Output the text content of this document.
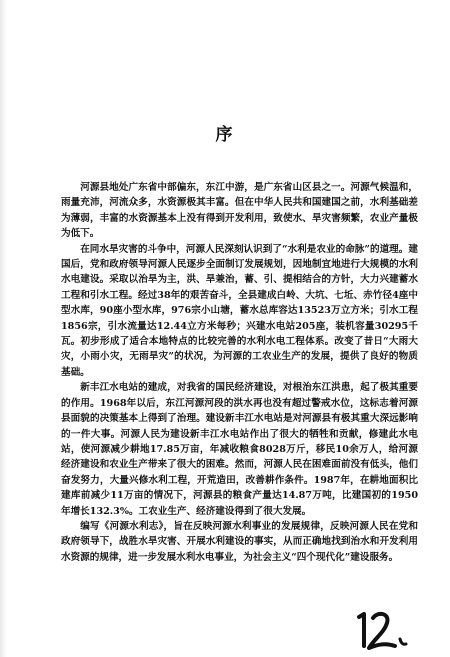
序

河源县地处广东省中部偏东，东江中游，是广东省山区县之一。河源气候温和，雨量充沛，河流众多，水资源极其丰富。但在中华人民共和国建国之前，水利基础差为薄弱，丰富的水资源基本上没有得到开发利用，致使水、旱灾害频繁，农业产量极为低下。

在同水旱灾害的斗争中，河源人民深刻认识到了“水利是农业的命脉”的道理。建国后，党和政府领导河源人民逐步全面制订发展规划，因地制宜地进行大规模的水利水电建设。采取以治旱为主，洪、旱兼治，蓄、引、提相结合的方针，大力兴建蓄水工程和引水工程。经过38年的艰苦奋斗，全县建成白岭、大坑、七坵、赤竹径4座中型水库，90座小型水库，976宗小山塘，蓄水总库容达13523万立方米；引水工程1856宗，引水流量达12.44立方米每秒；兴建水电站205座，装机容量30295千瓦。初步形成了适合本地特点的比较完善的水利水电工程体系。改变了昔日“大雨大灾，小雨小灾，无雨旱灾”的状况，为河源的工农业生产的发展，提供了良好的物质基础。

新丰江水电站的建成，对我省的国民经济建设，对根治东江洪患，起了极其重要的作用。1968年以后，东江河源河段的洪水再也没有超过警戒水位，这标志着河源县面貌的决策基本上得到了治理。建设新丰江水电站是对河源县有极其重大深远影响的一件大事。河源人民为建设新丰江水电站作出了很大的牺牲和贡献，修建此水电站，使河源减少耕地17.85万亩，年减收粮食8028万斤，移民10余万人，给河源经济建设和农业生产带来了很大的困难。然而，河源人民在困难面前没有低头，他们奋发努力，大量兴修水利工程，开荒造田，改善耕作条件。1987年，在耕地面积比建库前减少11万亩的情况下，河源县的粮食产量达14.87万吨，比建国初的1950年增长132.3%。工农业生产、经济建设得到了很大发展。

编写《河源水利志》，旨在反映河源水利事业的发展规律，反映河源人民在党和政府领导下，战胜水旱灾害、开展水利建设的事实，从而正确地找到治水和开发利用水资源的规律，进一步发展水利水电事业，为社会主义“四个现代化”建设服务。
